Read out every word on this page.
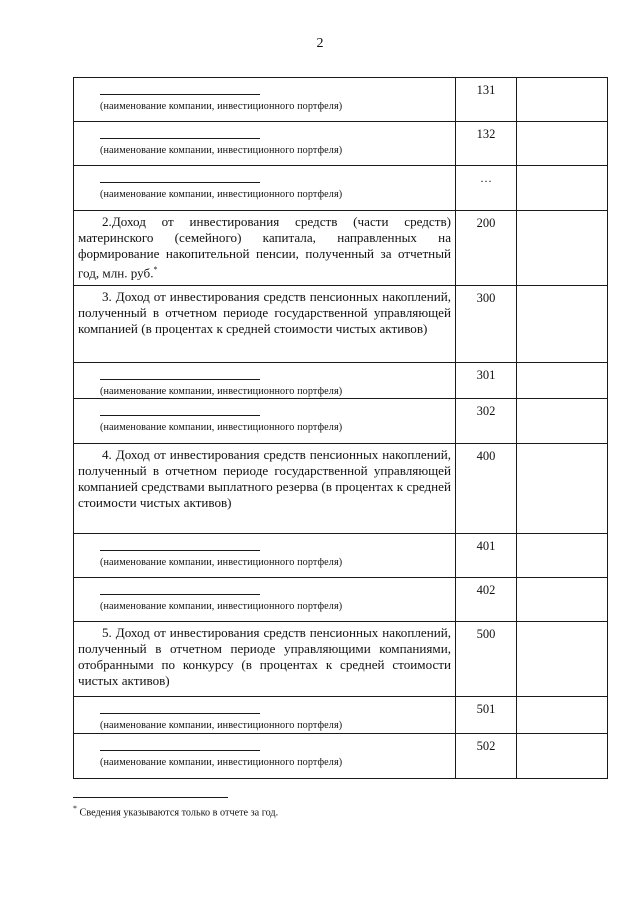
2
(наименование компании, инвестиционного портфеля)	131	

(наименование компании, инвестиционного портфеля)	132	

(наименование компании, инвестиционного портфеля)	…	

2.Доход от инвестирования средств (части средств) материнского (семейного) капитала, направленных на формирование накопительной пенсии, полученный за отчетный год, млн. руб.*	200	

3. Доход от инвестирования средств пенсионных накоплений, полученный в отчетном периоде государственной управляющей компанией (в процентах к средней стоимости чистых активов)	300	

(наименование компании, инвестиционного портфеля)	301	

(наименование компании, инвестиционного портфеля)	302	

4. Доход от инвестирования средств пенсионных накоплений, полученный в отчетном периоде государственной управляющей компанией средствами выплатного резерва (в процентах к средней стоимости чистых активов)	400	

(наименование компании, инвестиционного портфеля)	401	

(наименование компании, инвестиционного портфеля)	402	

5. Доход от инвестирования средств пенсионных накоплений, полученный в отчетном периоде управляющими компаниями, отобранными по конкурсу (в процентах к средней стоимости чистых активов)	500	

(наименование компании, инвестиционного портфеля)	501	

(наименование компании, инвестиционного портфеля)	502	
* Сведения указываются только в отчете за год.
